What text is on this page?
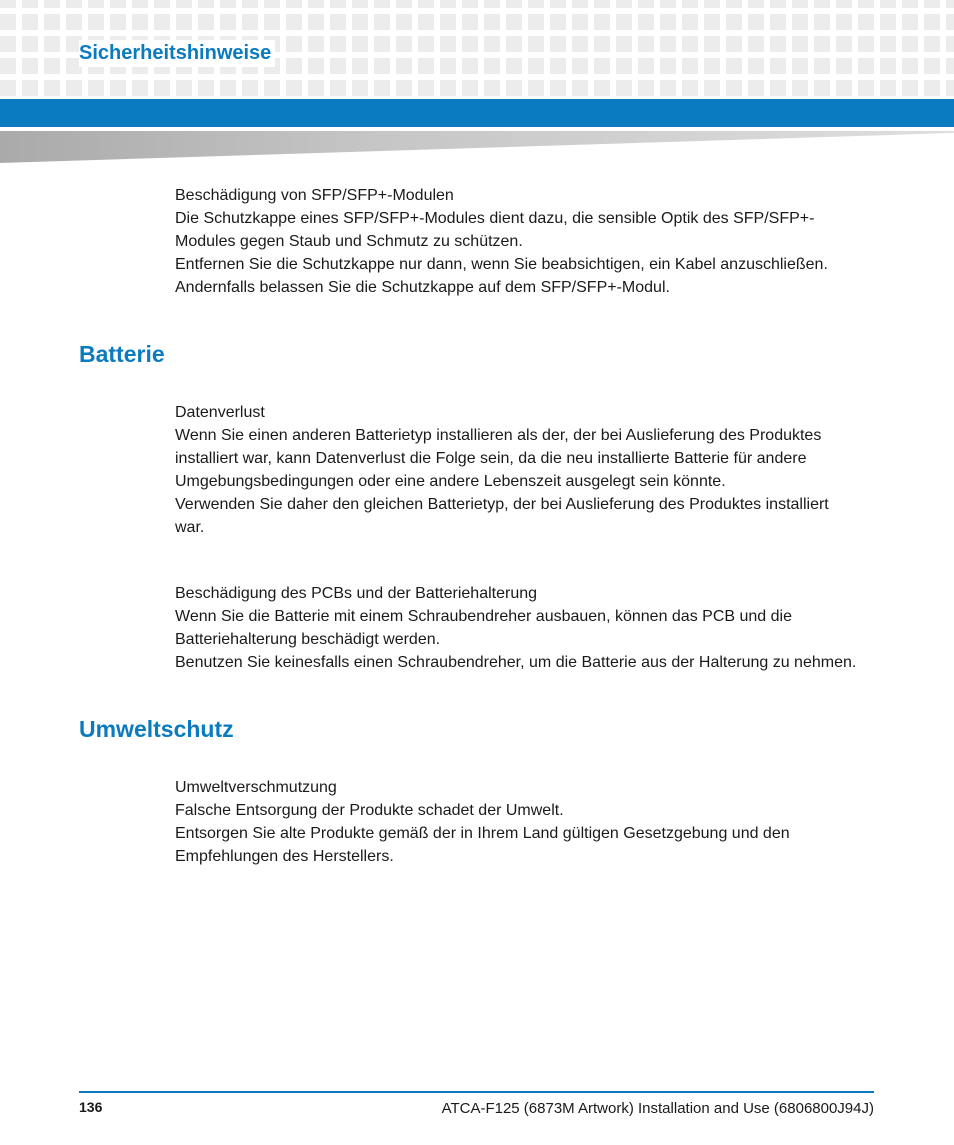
Sicherheitshinweise

Beschädigung von SFP/SFP+-Modulen

Die Schutzkappe eines SFP/SFP+-Modules dient dazu, die sensible Optik des SFP/SFP+-

Modules gegen Staub und Schmutz zu schützen.

Entfernen Sie die Schutzkappe nur dann, wenn Sie beabsichtigen, ein Kabel anzuschließen.

Andernfalls belassen Sie die Schutzkappe auf dem SFP/SFP+-Modul.

Batterie

Datenverlust

Wenn Sie einen anderen Batterietyp installieren als der, der bei Auslieferung des Produktes

installiert war, kann Datenverlust die Folge sein, da die neu installierte Batterie für andere

Umgebungsbedingungen oder eine andere Lebenszeit ausgelegt sein könnte.

Verwenden Sie daher den gleichen Batterietyp, der bei Auslieferung des Produktes installiert

war.

Beschädigung des PCBs und der Batteriehalterung

Wenn Sie die Batterie mit einem Schraubendreher ausbauen, können das PCB und die

Batteriehalterung beschädigt werden.

Benutzen Sie keinesfalls einen Schraubendreher, um die Batterie aus der Halterung zu nehmen.

Umweltschutz

Umweltverschmutzung

Falsche Entsorgung der Produkte schadet der Umwelt.

Entsorgen Sie alte Produkte gemäß der in Ihrem Land gültigen Gesetzgebung und den

Empfehlungen des Herstellers.

136	ATCA-F125 (6873M Artwork) Installation and Use (6806800J94J)
